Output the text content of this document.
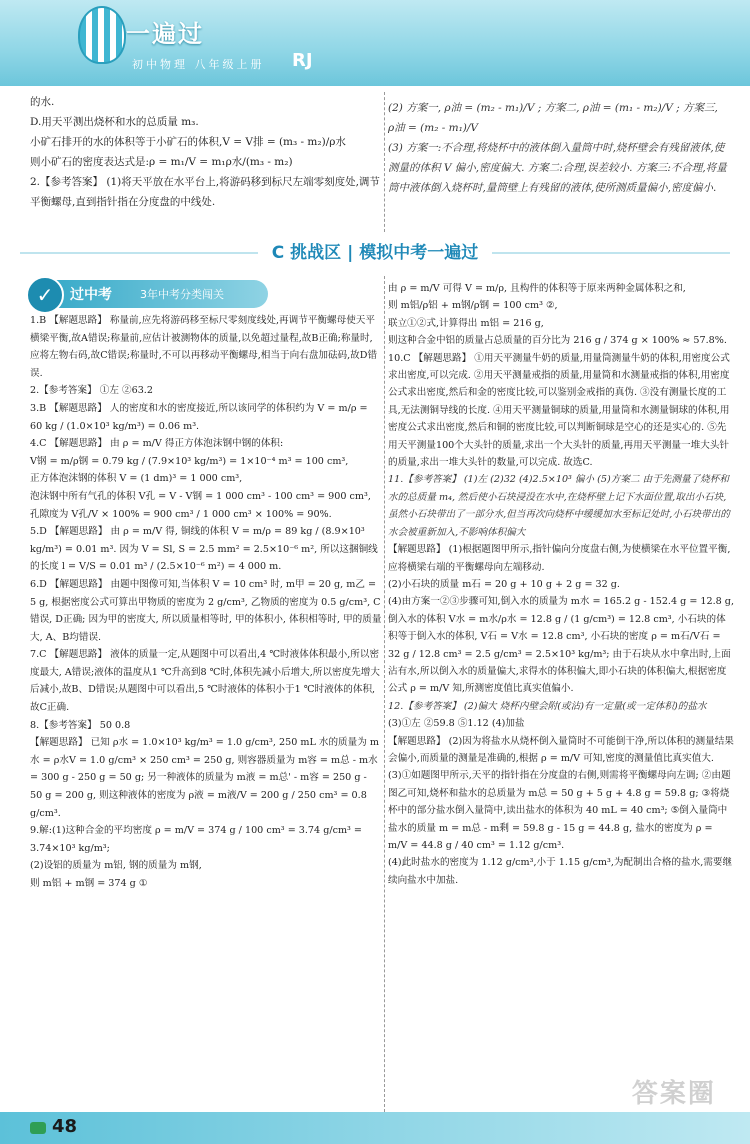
一遍过
初中物理 八年级上册 RJ

的水.

D.用天平测出烧杯和水的总质量 m₃.

小矿石排开的水的体积等于小矿石的体积,V = V排 = (m₃ - m₂)/ρ水

则小矿石的密度表达式是:ρ = m₁/V = m₁ρ水/(m₃ - m₂)

2.【参考答案】 (1)将天平放在水平台上,将游码移到标尺左端零刻度处,调节平衡螺母,直到指针指在分度盘的中线处.

(2) 方案一, ρ油 = (m₂ - m₁)/V ; 方案二, ρ油 = (m₁ - m₂)/V ; 方案三,

ρ油 = (m₂ - m₁)/V

(3) 方案一:不合理,将烧杯中的液体倒入量筒中时,烧杯壁会有残留液体,使测量的体积 V 偏小,密度偏大. 方案二:合理,误差较小. 方案三:不合理,将量筒中液体倒入烧杯时,量筒壁上有残留的液体,使所测质量偏小,密度偏小.

C 挑战区 | 模拟中考一遍过
✓	过中考	3年中考分类闯关

1.B 【解题思路】 称量前,应先将游码移至标尺零刻度线处,再调节平衡螺母使天平横梁平衡,故A错误;称量前,应估计被测物体的质量,以免超过量程,故B正确;称量时,应将左物右码,故C错误;称量时,不可以再移动平衡螺母,相当于向右盘加砝码,故D错误.

2.【参考答案】 ①左 ②63.2

3.B 【解题思路】 人的密度和水的密度接近,所以该同学的体积约为 V = m/ρ = 60 kg / (1.0×10³ kg/m³) = 0.06 m³.

4.C 【解题思路】 由 ρ = m/V 得正方体泡沫钢中钢的体积:

V钢 = m/ρ钢 = 0.79 kg / (7.9×10³ kg/m³) = 1×10⁻⁴ m³ = 100 cm³,

正方体泡沫钢的体积 V = (1 dm)³ = 1 000 cm³,

泡沫钢中所有气孔的体积 V孔 = V - V钢 = 1 000 cm³ - 100 cm³ = 900 cm³,

孔隙度为 V孔/V × 100% = 900 cm³ / 1 000 cm³ × 100% = 90%.

5.D 【解题思路】 由 ρ = m/V 得, 铜线的体积 V = m/ρ = 89 kg / (8.9×10³ kg/m³) = 0.01 m³. 因为 V = Sl, S = 2.5 mm² = 2.5×10⁻⁶ m², 所以这捆铜线的长度 l = V/S = 0.01 m³ / (2.5×10⁻⁶ m²) = 4 000 m.

6.D 【解题思路】 由题中图像可知,当体积 V = 10 cm³ 时, m甲 = 20 g, m乙 = 5 g, 根据密度公式可算出甲物质的密度为 2 g/cm³, 乙物质的密度为 0.5 g/cm³, C错误, D正确; 因为甲的密度大, 所以质量相等时, 甲的体积小, 体积相等时, 甲的质量大, A、B均错误.

7.C 【解题思路】 液体的质量一定,从题图中可以看出,4 ℃时液体体积最小,所以密度最大, A错误;液体的温度从1 ℃升高到8 ℃时,体积先减小后增大,所以密度先增大后减小,故B、D错误;从题图中可以看出,5 ℃时液体的体积小于1 ℃时液体的体积,故C正确.

8.【参考答案】 50 0.8

【解题思路】 已知 ρ水 = 1.0×10³ kg/m³ = 1.0 g/cm³, 250 mL 水的质量为 m水 = ρ水V = 1.0 g/cm³ × 250 cm³ = 250 g, 则容器质量为 m容 = m总 - m水 = 300 g - 250 g = 50 g; 另一种液体的质量为 m液 = m总' - m容 = 250 g - 50 g = 200 g, 则这种液体的密度为 ρ液 = m液/V = 200 g / 250 cm³ = 0.8 g/cm³.

9.解:(1)这种合金的平均密度 ρ = m/V = 374 g / 100 cm³ = 3.74 g/cm³ = 3.74×10³ kg/m³;

(2)设铝的质量为 m铝, 钢的质量为 m钢,

则 m铝 + m钢 = 374 g ①

由 ρ = m/V 可得 V = m/ρ, 且构件的体积等于原来两种金属体积之和,

则 m铝/ρ铝 + m钢/ρ钢 = 100 cm³ ②,

联立①②式,计算得出 m铝 = 216 g,

则这种合金中铝的质量占总质量的百分比为 216 g / 374 g × 100% ≈ 57.8%.

10.C 【解题思路】 ①用天平测量牛奶的质量,用量筒测量牛奶的体积,用密度公式求出密度,可以完成. ②用天平测量戒指的质量,用量筒和水测量戒指的体积,用密度公式求出密度,然后和金的密度比较,可以鉴别金戒指的真伪. ③没有测量长度的工具,无法测铜导线的长度. ④用天平测量铜球的质量,用量筒和水测量铜球的体积,用密度公式求出密度,然后和铜的密度比较,可以判断铜球是空心的还是实心的. ⑤先用天平测量100个大头针的质量,求出一个大头针的质量,再用天平测量一堆大头针的质量,求出一堆大头针的数量,可以完成. 故选C.

11.【参考答案】 (1)左 (2)32 (4)2.5×10³ 偏小 (5)方案二 由于先测量了烧杯和水的总质量 m₄, 然后使小石块浸没在水中,在烧杯壁上记下水面位置,取出小石块,虽然小石块带出了一部分水,但当再次向烧杯中缓缓加水至标记处时,小石块带出的水会被重新加入,不影响体积偏大

【解题思路】 (1)根据题图甲所示,指针偏向分度盘右侧,为使横梁在水平位置平衡,应将横梁右端的平衡螺母向左端移动.

(2)小石块的质量 m石 = 20 g + 10 g + 2 g = 32 g.

(4)由方案一②③步骤可知,倒入水的质量为 m水 = 165.2 g - 152.4 g = 12.8 g, 倒入水的体积 V水 = m水/ρ水 = 12.8 g / (1 g/cm³) = 12.8 cm³, 小石块的体积等于倒入水的体积, V石 = V水 = 12.8 cm³, 小石块的密度 ρ = m石/V石 = 32 g / 12.8 cm³ = 2.5 g/cm³ = 2.5×10³ kg/m³; 由于石块从水中拿出时,上面沾有水,所以倒入水的质量偏大,求得水的体积偏大,即小石块的体积偏大,根据密度公式 ρ = m/V 知,所测密度值比真实值偏小.

12.【参考答案】 (2)偏大 烧杯内壁会附(或沾)有一定量(或一定体积)的盐水

(3)①左 ②59.8 ⑤1.12 (4)加盐

【解题思路】 (2)因为将盐水从烧杯倒入量筒时不可能倒干净,所以体积的测量结果会偏小,而质量的测量是准确的,根据 ρ = m/V 可知,密度的测量值比真实值大.

(3)①如题图甲所示,天平的指针指在分度盘的右侧,则需将平衡螺母向左调; ②由题图乙可知,烧杯和盐水的总质量为 m总 = 50 g + 5 g + 4.8 g = 59.8 g; ③将烧杯中的部分盐水倒入量筒中,读出盐水的体积为 40 mL = 40 cm³; ⑤倒入量筒中盐水的质量 m = m总 - m剩 = 59.8 g - 15 g = 44.8 g, 盐水的密度为 ρ = m/V = 44.8 g / 40 cm³ = 1.12 g/cm³.

(4)此时盐水的密度为 1.12 g/cm³,小于 1.15 g/cm³,为配制出合格的盐水,需要继续向盐水中加盐.

答案圈
48
